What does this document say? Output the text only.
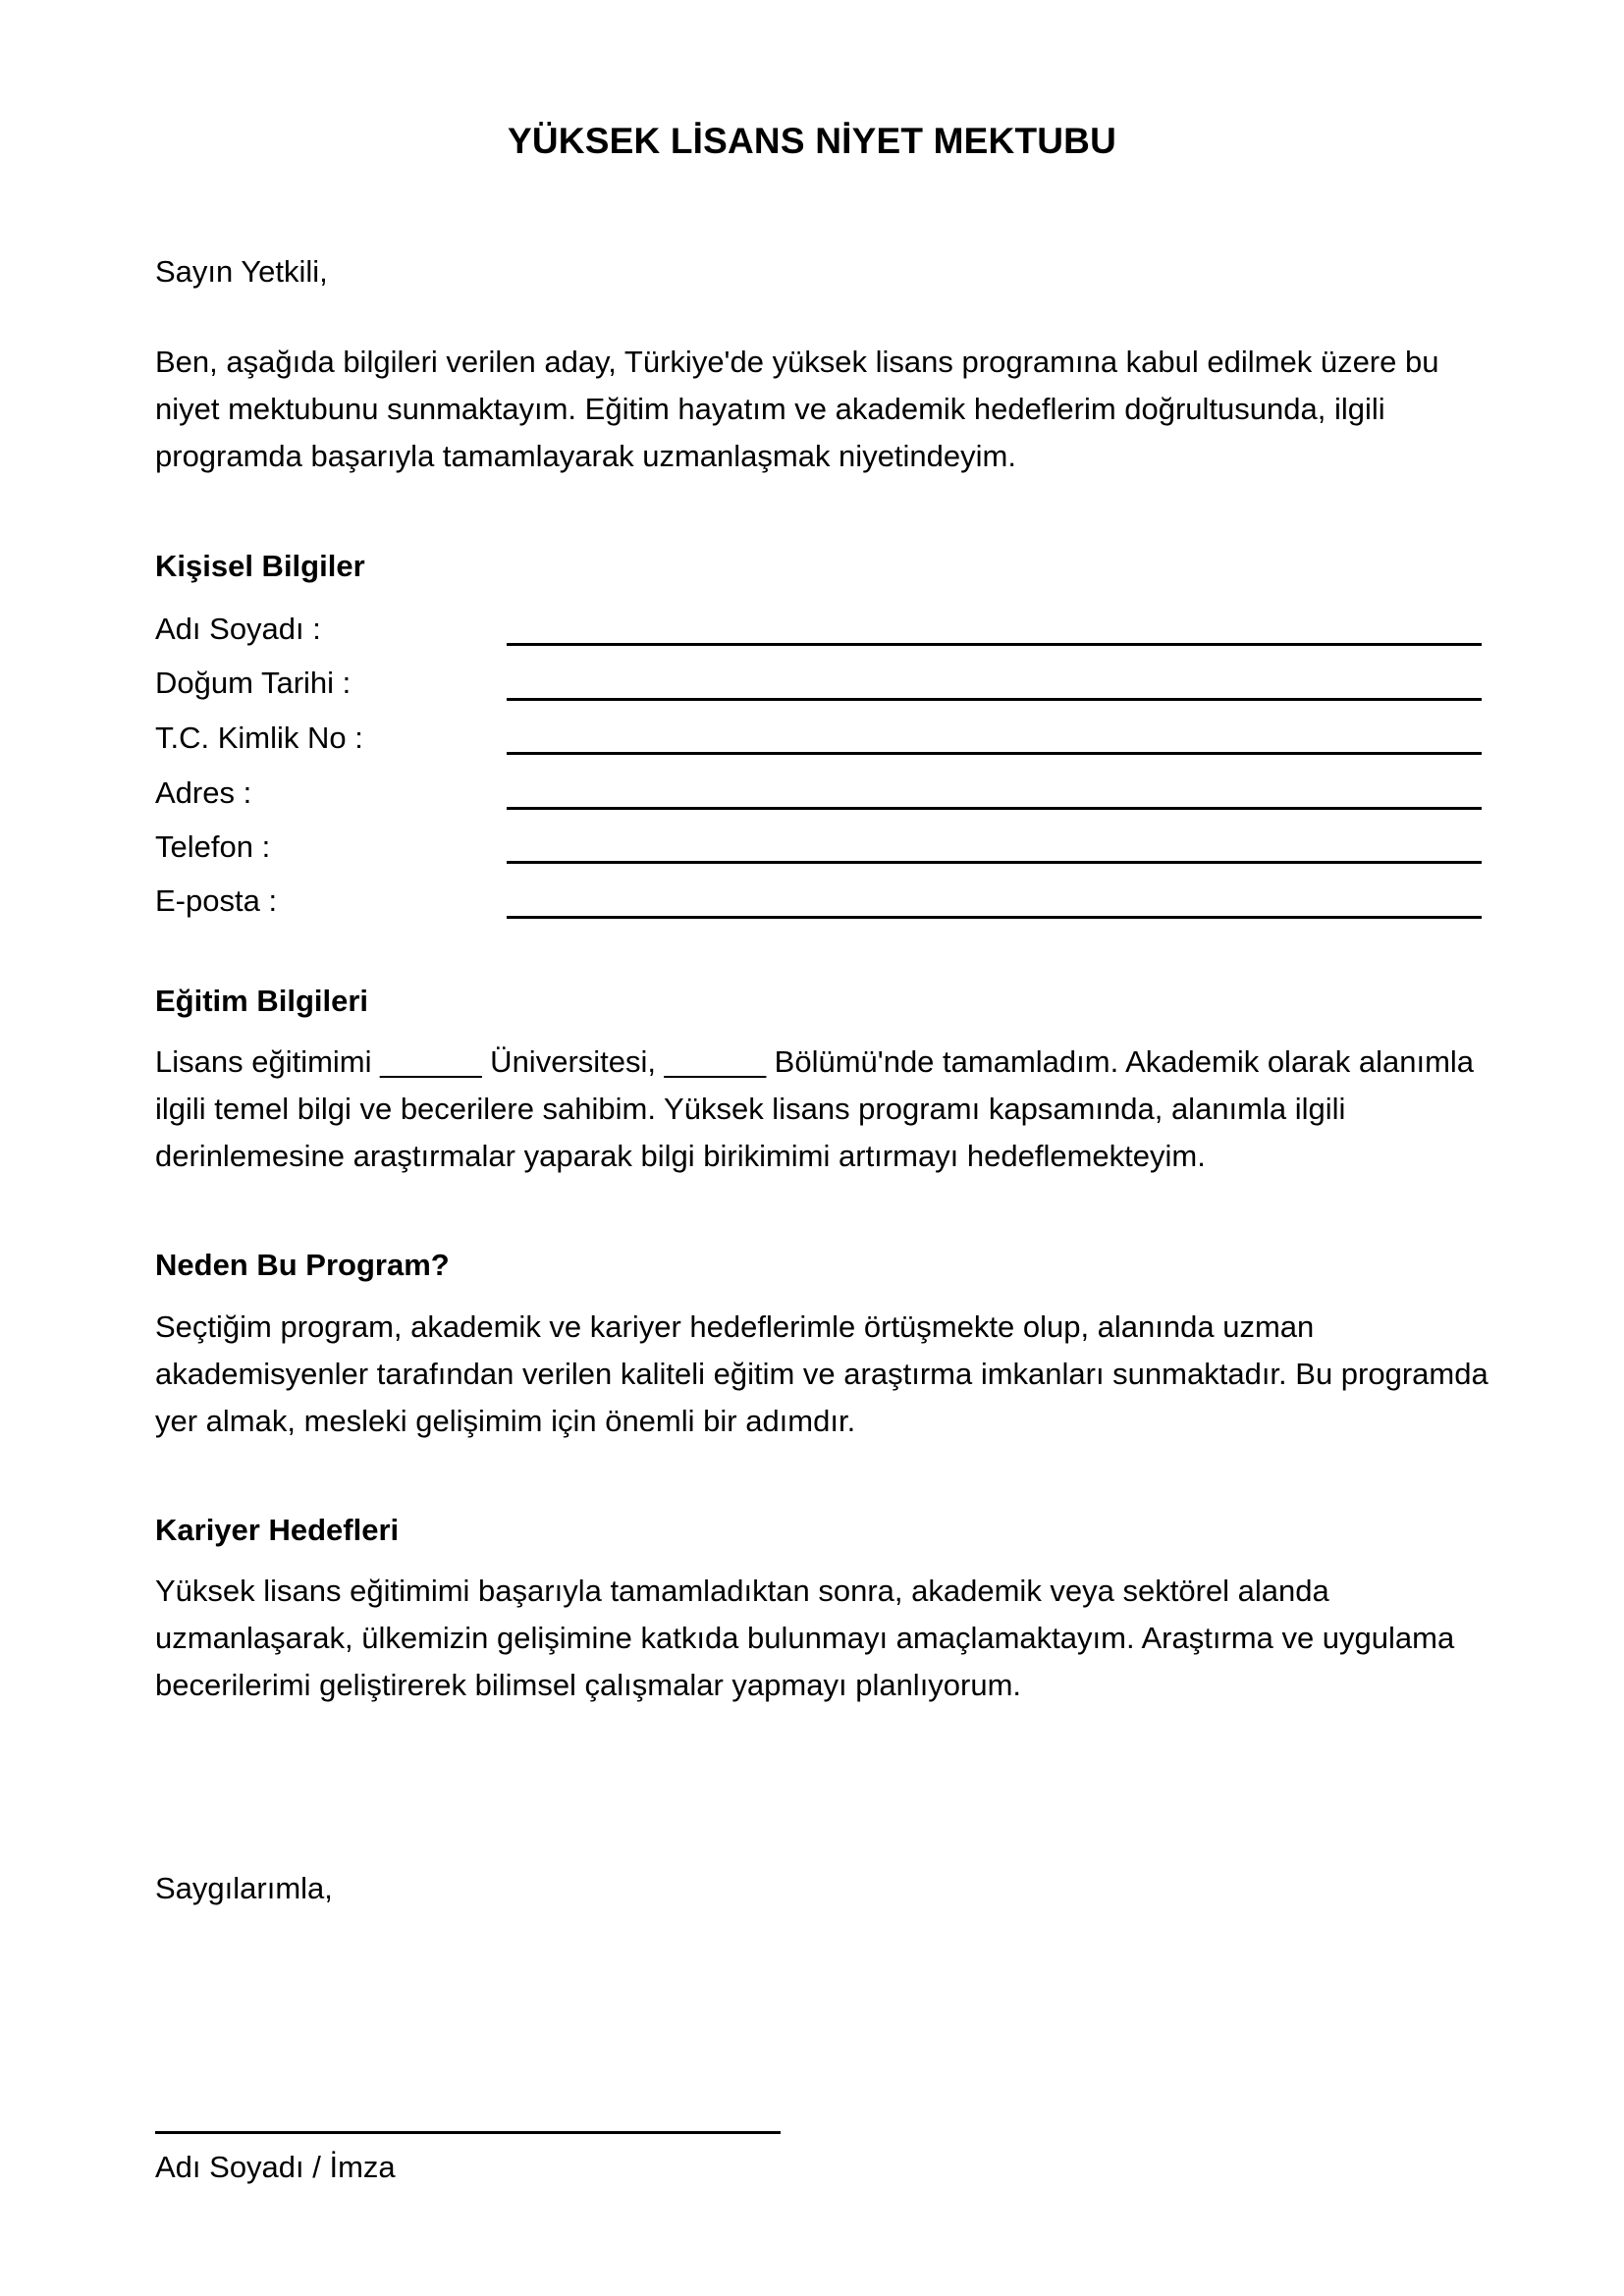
YÜKSEK LİSANS NİYET MEKTUBU
Sayın Yetkili,
Ben, aşağıda bilgileri verilen aday, Türkiye'de yüksek lisans programına kabul edilmek üzere bu niyet mektubunu sunmaktayım. Eğitim hayatım ve akademik hedeflerim doğrultusunda, ilgili programda başarıyla tamamlayarak uzmanlaşmak niyetindeyim.
Kişisel Bilgiler
Adı Soyadı :
Doğum Tarihi :
T.C. Kimlik No :
Adres :
Telefon :
E-posta :
Eğitim Bilgileri
Lisans eğitimimi ______ Üniversitesi, ______ Bölümü'nde tamamladım. Akademik olarak alanımla ilgili temel bilgi ve becerilere sahibim. Yüksek lisans programı kapsamında, alanımla ilgili derinlemesine araştırmalar yaparak bilgi birikimimi artırmayı hedeflemekteyim.
Neden Bu Program?
Seçtiğim program, akademik ve kariyer hedeflerimle örtüşmekte olup, alanında uzman akademisyenler tarafından verilen kaliteli eğitim ve araştırma imkanları sunmaktadır. Bu programda yer almak, mesleki gelişimim için önemli bir adımdır.
Kariyer Hedefleri
Yüksek lisans eğitimimi başarıyla tamamladıktan sonra, akademik veya sektörel alanda uzmanlaşarak, ülkemizin gelişimine katkıda bulunmayı amaçlamaktayım. Araştırma ve uygulama becerilerimi geliştirerek bilimsel çalışmalar yapmayı planlıyorum.
Saygılarımla,
Adı Soyadı / İmza
